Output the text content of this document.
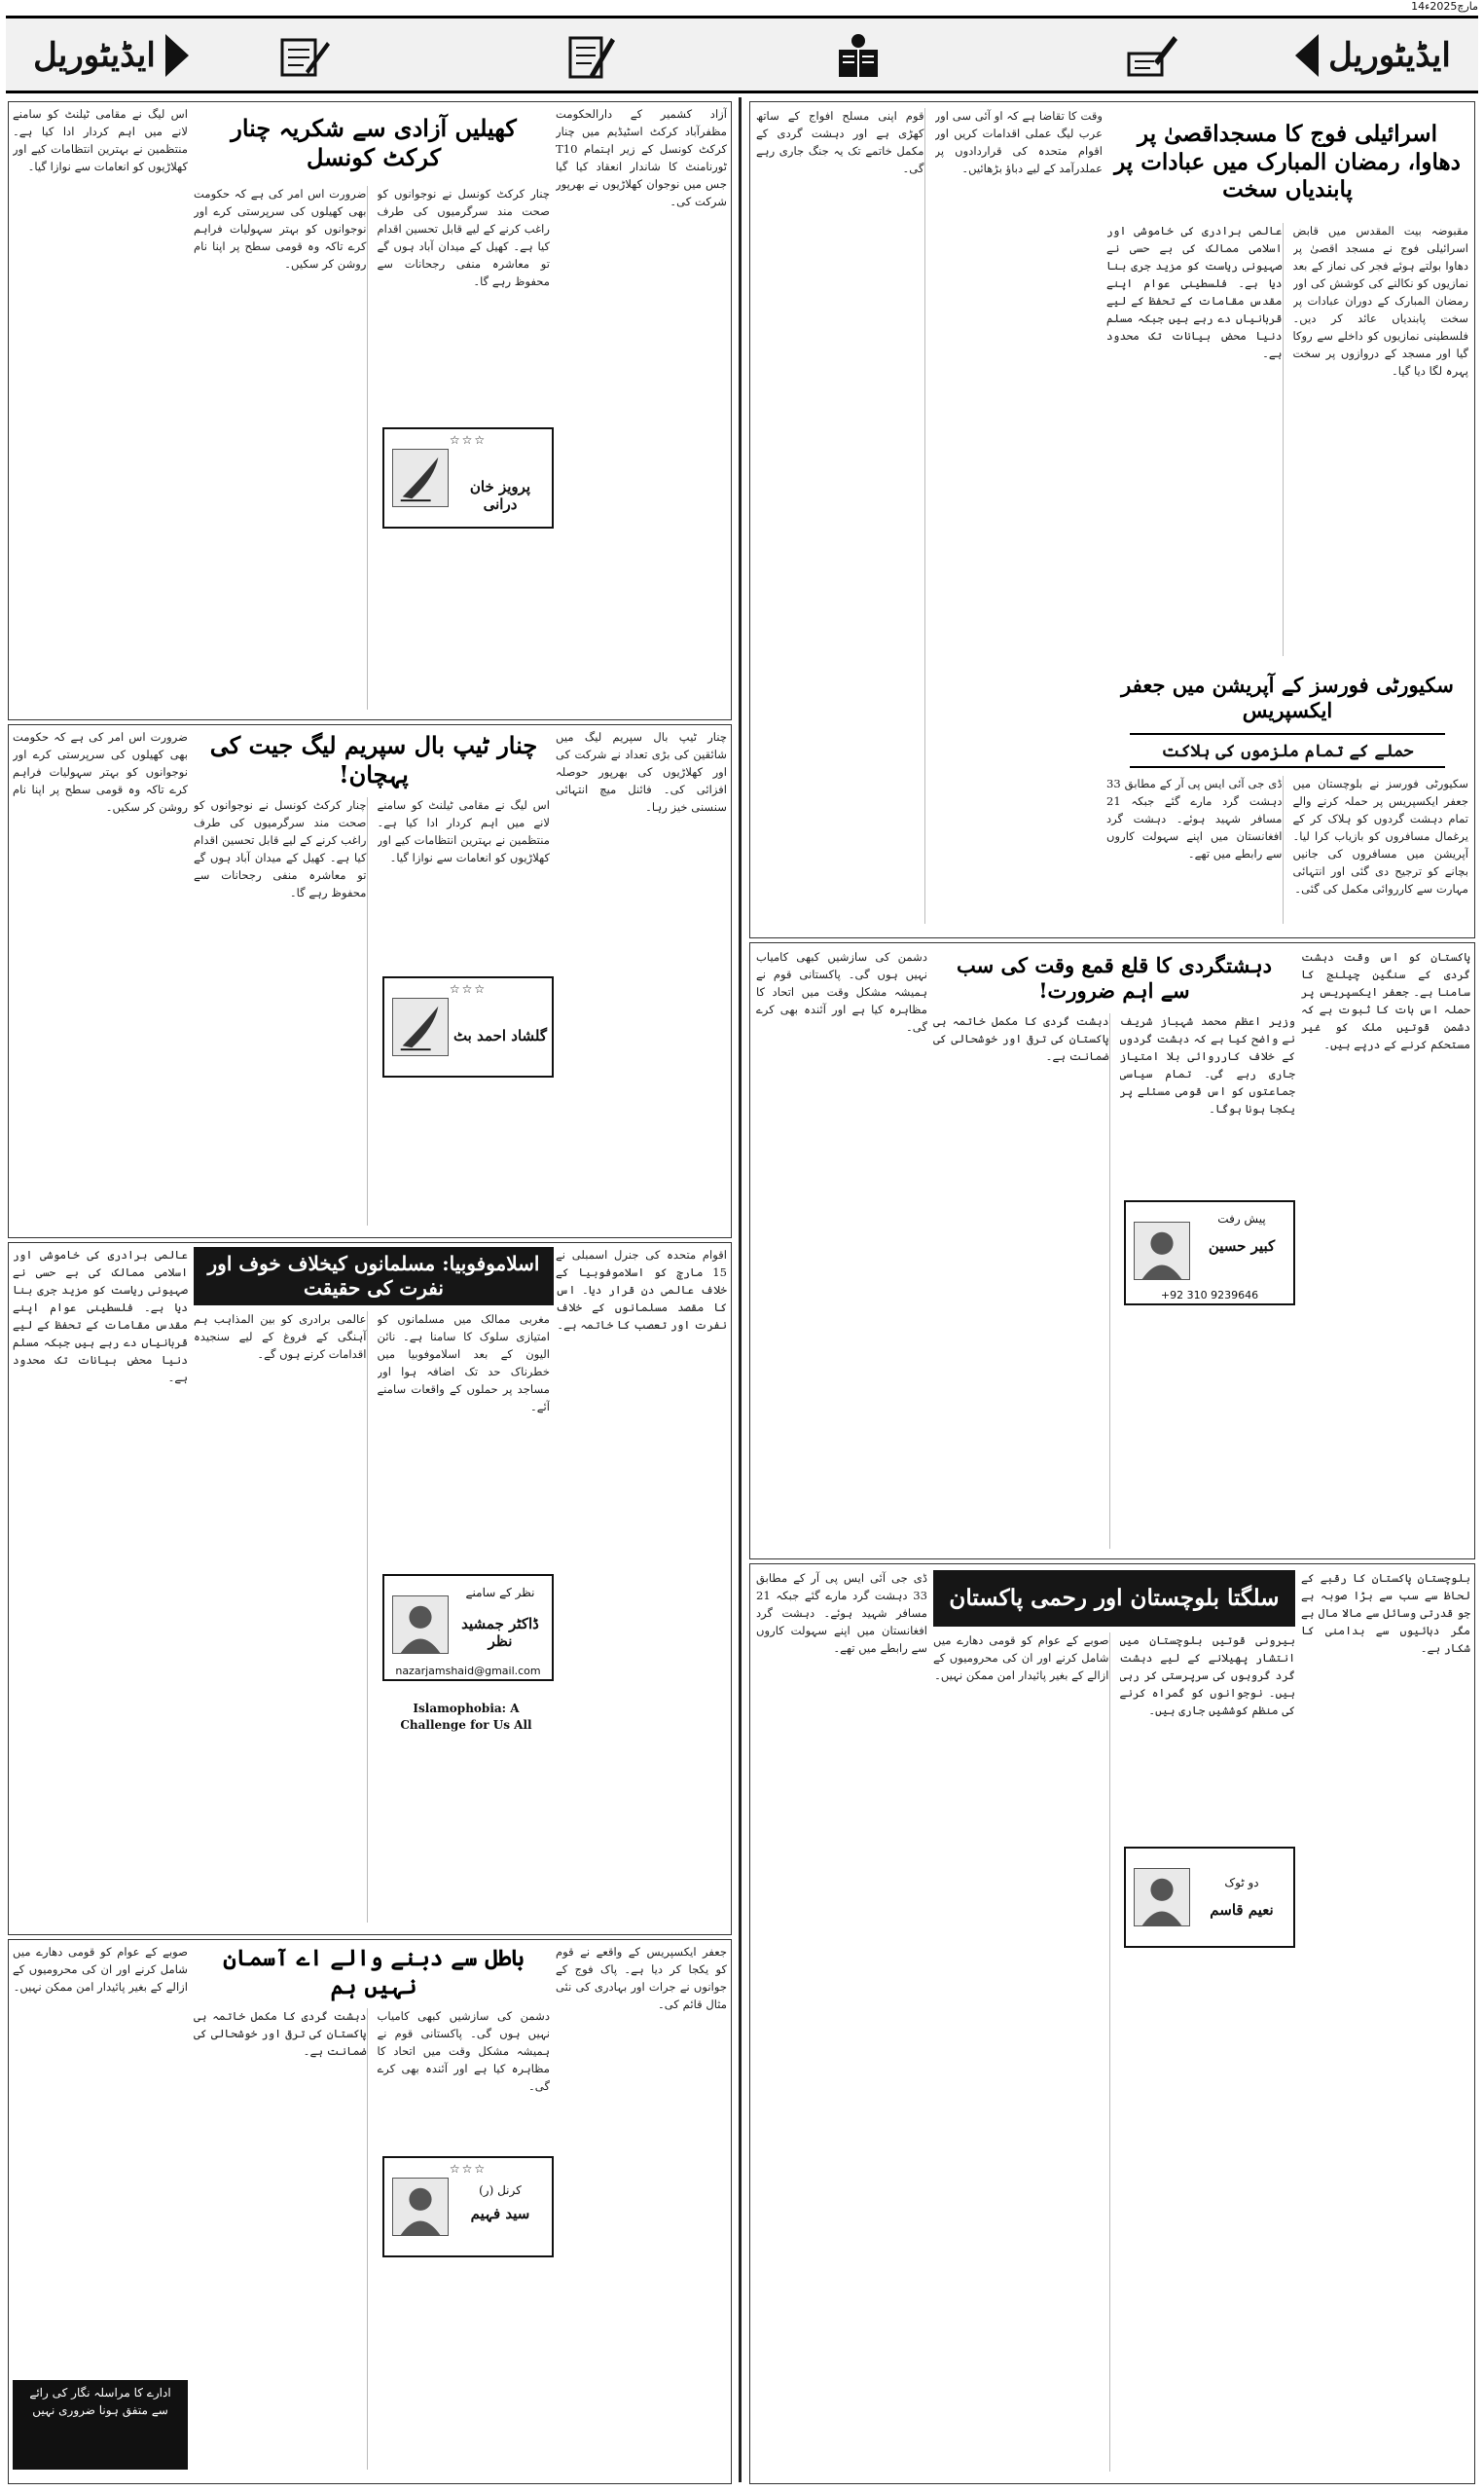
14مارچ2025ء
ایڈیٹوریل	ایڈیٹوریل
اسرائیلی فوج کا مسجداقصیٰ پر دھاوا، رمضان المبارک میں عبادات پر پابندیاں سخت
مقبوضہ بیت المقدس میں قابض اسرائیلی فوج نے مسجد اقصیٰ پر دھاوا بولتے ہوئے فجر کی نماز کے بعد نمازیوں کو نکالنے کی کوشش کی اور رمضان المبارک کے دوران عبادات پر سخت پابندیاں عائد کر دیں۔ فلسطینی نمازیوں کو داخلے سے روکا گیا اور مسجد کے دروازوں پر سخت پہرہ لگا دیا گیا۔
عالمی برادری کی خاموشی اور اسلامی ممالک کی بے حسی نے صہیونی ریاست کو مزید جری بنا دیا ہے۔ فلسطینی عوام اپنے مقدس مقامات کے تحفظ کے لیے قربانیاں دے رہے ہیں جبکہ مسلم دنیا محض بیانات تک محدود ہے۔
وقت کا تقاضا ہے کہ او آئی سی اور عرب لیگ عملی اقدامات کریں اور اقوام متحدہ کی قراردادوں پر عملدرآمد کے لیے دباؤ بڑھائیں۔
قوم اپنی مسلح افواج کے ساتھ کھڑی ہے اور دہشت گردی کے مکمل خاتمے تک یہ جنگ جاری رہے گی۔
سکیورٹی فورسز کے آپریشن میں جعفر ایکسپریس
حملے کے تمام ملزموں کی ہلاکت
سکیورٹی فورسز نے بلوچستان میں جعفر ایکسپریس پر حملہ کرنے والے تمام دہشت گردوں کو ہلاک کر کے یرغمال مسافروں کو بازیاب کرا لیا۔ آپریشن میں مسافروں کی جانیں بچانے کو ترجیح دی گئی اور انتہائی مہارت سے کارروائی مکمل کی گئی۔
ڈی جی آئی ایس پی آر کے مطابق 33 دہشت گرد مارے گئے جبکہ 21 مسافر شہید ہوئے۔ دہشت گرد افغانستان میں اپنے سہولت کاروں سے رابطے میں تھے۔
کھیلیں آزادی سے شکریہ چنار کرکٹ کونسل
آزاد کشمیر کے دارالحکومت مظفرآباد کرکٹ اسٹیڈیم میں چنار کرکٹ کونسل کے زیر اہتمام T10 ٹورنامنٹ کا شاندار انعقاد کیا گیا جس میں نوجوان کھلاڑیوں نے بھرپور شرکت کی۔
چنار کرکٹ کونسل نے نوجوانوں کو صحت مند سرگرمیوں کی طرف راغب کرنے کے لیے قابل تحسین اقدام کیا ہے۔ کھیل کے میدان آباد ہوں گے تو معاشرہ منفی رجحانات سے محفوظ رہے گا۔
ضرورت اس امر کی ہے کہ حکومت بھی کھیلوں کی سرپرستی کرے اور نوجوانوں کو بہتر سہولیات فراہم کرے تاکہ وہ قومی سطح پر اپنا نام روشن کر سکیں۔
اس لیگ نے مقامی ٹیلنٹ کو سامنے لانے میں اہم کردار ادا کیا ہے۔ منتظمین نے بہترین انتظامات کیے اور کھلاڑیوں کو انعامات سے نوازا گیا۔
☆☆☆
پرویز خان درانی
چنار ٹیپ بال سپریم لیگ جیت کی پہچان!
چنار ٹیپ بال سپریم لیگ میں شائقین کی بڑی تعداد نے شرکت کی اور کھلاڑیوں کی بھرپور حوصلہ افزائی کی۔ فائنل میچ انتہائی سنسنی خیز رہا۔
اس لیگ نے مقامی ٹیلنٹ کو سامنے لانے میں اہم کردار ادا کیا ہے۔ منتظمین نے بہترین انتظامات کیے اور کھلاڑیوں کو انعامات سے نوازا گیا۔
چنار کرکٹ کونسل نے نوجوانوں کو صحت مند سرگرمیوں کی طرف راغب کرنے کے لیے قابل تحسین اقدام کیا ہے۔ کھیل کے میدان آباد ہوں گے تو معاشرہ منفی رجحانات سے محفوظ رہے گا۔
ضرورت اس امر کی ہے کہ حکومت بھی کھیلوں کی سرپرستی کرے اور نوجوانوں کو بہتر سہولیات فراہم کرے تاکہ وہ قومی سطح پر اپنا نام روشن کر سکیں۔
☆☆☆
گلشاد احمد بٹ
اسلاموفوبیا: مسلمانوں کیخلاف خوف اور نفرت کی حقیقت
اقوام متحدہ کی جنرل اسمبلی نے 15 مارچ کو اسلاموفوبیا کے خلاف عالمی دن قرار دیا۔ اس کا مقصد مسلمانوں کے خلاف نفرت اور تعصب کا خاتمہ ہے۔
مغربی ممالک میں مسلمانوں کو امتیازی سلوک کا سامنا ہے۔ نائن الیون کے بعد اسلاموفوبیا میں خطرناک حد تک اضافہ ہوا اور مساجد پر حملوں کے واقعات سامنے آئے۔
عالمی برادری کو بین المذاہب ہم آہنگی کے فروغ کے لیے سنجیدہ اقدامات کرنے ہوں گے۔
عالمی برادری کی خاموشی اور اسلامی ممالک کی بے حسی نے صہیونی ریاست کو مزید جری بنا دیا ہے۔ فلسطینی عوام اپنے مقدس مقامات کے تحفظ کے لیے قربانیاں دے رہے ہیں جبکہ مسلم دنیا محض بیانات تک محدود ہے۔
نظر کے سامنے
ڈاکٹر جمشید نظر
nazarjamshaid@gmail.com
Islamophobia: A Challenge for Us All
باطل سے دبنے والے اے آسمان نہیں ہم
جعفر ایکسپریس کے واقعے نے قوم کو یکجا کر دیا ہے۔ پاک فوج کے جوانوں نے جرات اور بہادری کی نئی مثال قائم کی۔
دشمن کی سازشیں کبھی کامیاب نہیں ہوں گی۔ پاکستانی قوم نے ہمیشہ مشکل وقت میں اتحاد کا مظاہرہ کیا ہے اور آئندہ بھی کرے گی۔
دہشت گردی کا مکمل خاتمہ ہی پاکستان کی ترقی اور خوشحالی کی ضمانت ہے۔
صوبے کے عوام کو قومی دھارے میں شامل کرنے اور ان کی محرومیوں کے ازالے کے بغیر پائیدار امن ممکن نہیں۔
ادارے کا مراسلہ نگار کی رائے سے متفق ہونا ضروری نہیں
☆☆☆
کرنل (ر)
سید فہیم
دہشتگردی کا قلع قمع وقت کی سب سے اہم ضرورت!
پاکستان کو اس وقت دہشت گردی کے سنگین چیلنج کا سامنا ہے۔ جعفر ایکسپریس پر حملہ اس بات کا ثبوت ہے کہ دشمن قوتیں ملک کو غیر مستحکم کرنے کے درپے ہیں۔
وزیر اعظم محمد شہباز شریف نے واضح کیا ہے کہ دہشت گردوں کے خلاف کارروائی بلا امتیاز جاری رہے گی۔ تمام سیاسی جماعتوں کو اس قومی مسئلے پر یکجا ہونا ہوگا۔
دہشت گردی کا مکمل خاتمہ ہی پاکستان کی ترقی اور خوشحالی کی ضمانت ہے۔
دشمن کی سازشیں کبھی کامیاب نہیں ہوں گی۔ پاکستانی قوم نے ہمیشہ مشکل وقت میں اتحاد کا مظاہرہ کیا ہے اور آئندہ بھی کرے گی۔
پیش رفت
کبیر حسین
+92 310 9239646
سلگتا بلوچستان اور رحمی پاکستان
بلوچستان پاکستان کا رقبے کے لحاظ سے سب سے بڑا صوبہ ہے جو قدرتی وسائل سے مالا مال ہے مگر دہائیوں سے بدامنی کا شکار ہے۔
بیرونی قوتیں بلوچستان میں انتشار پھیلانے کے لیے دہشت گرد گروہوں کی سرپرستی کر رہی ہیں۔ نوجوانوں کو گمراہ کرنے کی منظم کوششیں جاری ہیں۔
صوبے کے عوام کو قومی دھارے میں شامل کرنے اور ان کی محرومیوں کے ازالے کے بغیر پائیدار امن ممکن نہیں۔
ڈی جی آئی ایس پی آر کے مطابق 33 دہشت گرد مارے گئے جبکہ 21 مسافر شہید ہوئے۔ دہشت گرد افغانستان میں اپنے سہولت کاروں سے رابطے میں تھے۔
دو ٹوک
نعیم قاسم
